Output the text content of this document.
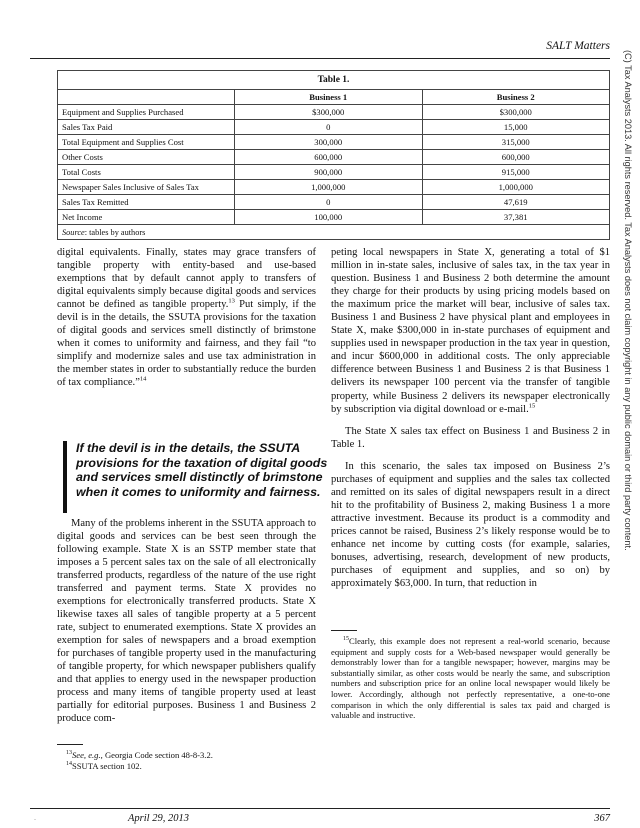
SALT Matters
(C) Tax Analysts 2013. All rights reserved. Tax Analysts does not claim copyright in any public domain or third party content.
Table 1.		
	Business 1	Business 2
Equipment and Supplies Purchased	$300,000	$300,000
Sales Tax Paid	0	15,000
Total Equipment and Supplies Cost	300,000	315,000
Other Costs	600,000	600,000
Total Costs	900,000	915,000
Newspaper Sales Inclusive of Sales Tax	1,000,000	1,000,000
Sales Tax Remitted	0	47,619
Net Income	100,000	37,381
Source: tables by authors		

digital equivalents. Finally, states may grace transfers of tangible property with entity-based and use-based exemptions that by default cannot apply to transfers of digital equivalents simply because digital goods and services cannot be defined as tangible property.$^{13}$ Put simply, if the devil is in the details, the SSUTA provisions for the taxation of digital goods and services smell distinctly of brimstone when it comes to uniformity and fairness, and they fail “to simplify and modernize sales and use tax administration in the member states in order to substantially reduce the burden of tax compliance.”$^{14}$

Many of the problems inherent in the SSUTA approach to digital goods and services can be best seen through the following example. State X is an SSTP member state that imposes a 5 percent sales tax on the sale of all electronically transferred products, regardless of the nature of the use right transferred and payment terms. State X provides no exemptions for electronically transferred products. State X likewise taxes all sales of tangible property at a 5 percent rate, subject to enumerated exemptions. State X provides an exemption for sales of newspapers and a broad exemption for purchases of tangible property used in the manufacturing of tangible property, for which newspaper publishers qualify and that applies to energy used in the newspaper production process and many items of tangible property used at least partially for editorial purposes. Business 1 and Business 2 produce com-

If the devil is in the details, the SSUTA provisions for the taxation of digital goods and services smell distinctly of brimstone when it comes to uniformity and fairness.

peting local newspapers in State X, generating a total of $1 million in in-state sales, inclusive of sales tax, in the tax year in question. Business 1 and Business 2 both determine the amount they charge for their products by using pricing models based on the maximum price the market will bear, inclusive of sales tax. Business 1 and Business 2 have physical plant and employees in State X, make $300,000 in in-state purchases of equipment and supplies used in newspaper production in the tax year in question, and incur $600,000 in additional costs. The only appreciable difference between Business 1 and Business 2 is that Business 1 delivers its newspaper 100 percent via the transfer of tangible property, while Business 2 delivers its newspaper electronically by subscription via digital download or e-mail.$^{15}$

The State X sales tax effect on Business 1 and Business 2 in Table 1.

In this scenario, the sales tax imposed on Business 2’s purchases of equipment and supplies and the sales tax collected and remitted on its sales of digital newspapers result in a direct hit to the profitability of Business 2, making Business 1 a more attractive investment. Because its product is a commodity and prices cannot be raised, Business 2’s likely response would be to enhance net income by cutting costs (for example, salaries, bonuses, advertising, research, development of new products, purchases of equipment and supplies, and so on) by approximately $63,000. In turn, that reduction in

$^{13}$See, e.g., Georgia Code section 48-8-3.2.
$^{14}$SSUTA section 102.
$^{15}$Clearly, this example does not represent a real-world scenario, because equipment and supply costs for a Web-based newspaper would generally be demonstrably lower than for a tangible newspaper; however, margins may be substantially similar, as other costs would be nearly the same, and subscription numbers and subscription price for an online local newspaper would likely be lower. Accordingly, although not perfectly representative, a one-to-one comparison in which the only differential is sales tax paid and charged is valuable and instructive.
.	April 29, 2013	367
